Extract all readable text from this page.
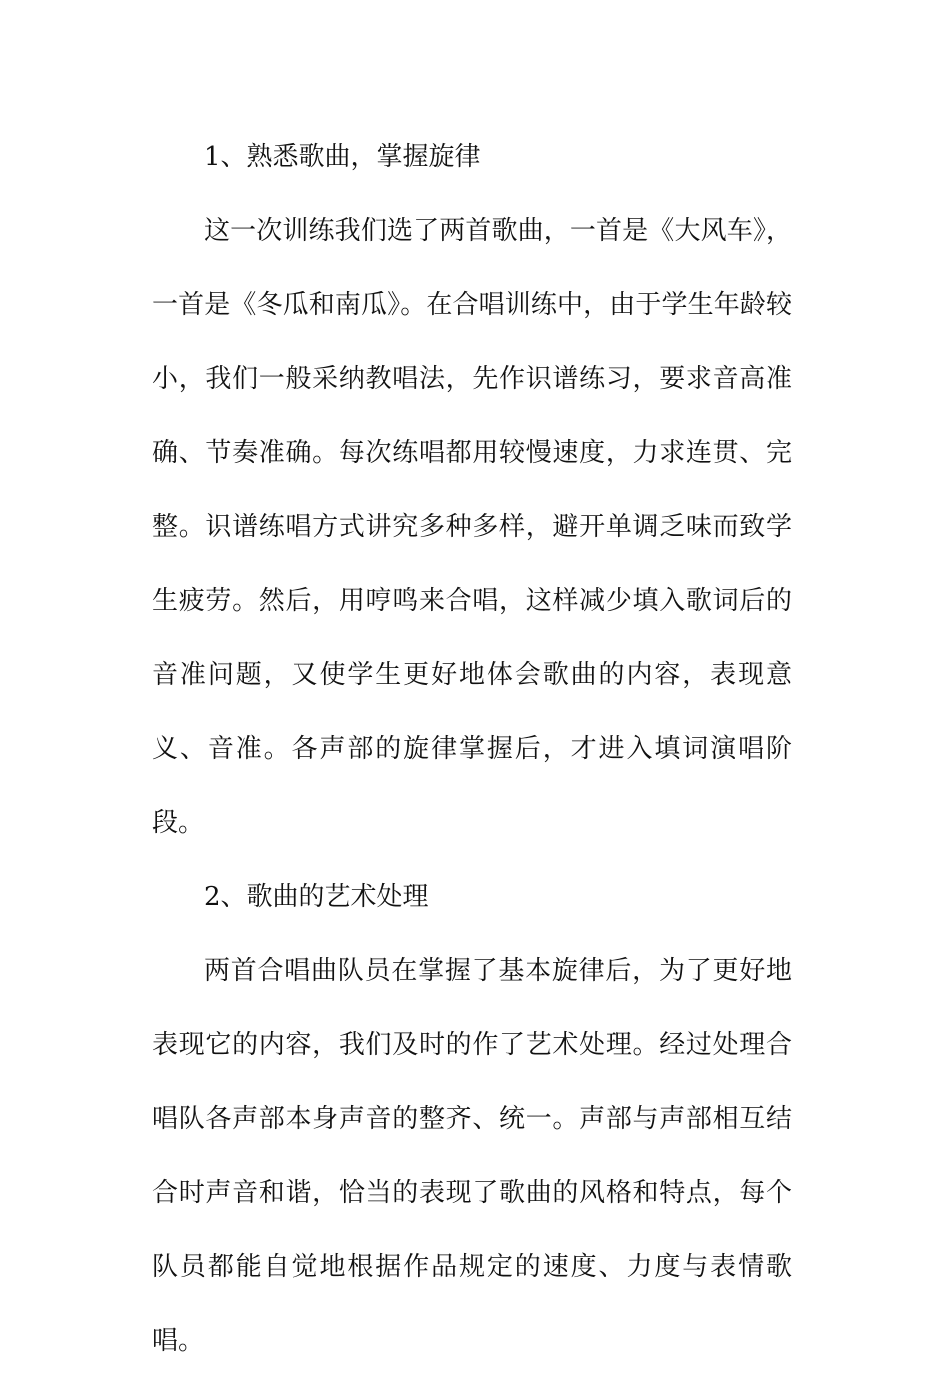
1、熟悉歌曲，掌握旋律

这一次训练我们选了两首歌曲，一首是《大风车》，一首是《冬瓜和南瓜》。在合唱训练中，由于学生年龄较小，我们一般采纳教唱法，先作识谱练习，要求音高准确、节奏准确。每次练唱都用较慢速度，力求连贯、完整。识谱练唱方式讲究多种多样，避开单调乏味而致学生疲劳。然后，用哼鸣来合唱，这样减少填入歌词后的音准问题，又使学生更好地体会歌曲的内容，表现意义、音准。各声部的旋律掌握后，才进入填词演唱阶段。

2、歌曲的艺术处理

两首合唱曲队员在掌握了基本旋律后，为了更好地表现它的内容，我们及时的作了艺术处理。经过处理合唱队各声部本身声音的整齐、统一。声部与声部相互结合时声音和谐，恰当的表现了歌曲的风格和特点，每个队员都能自觉地根据作品规定的速度、力度与表情歌唱。
